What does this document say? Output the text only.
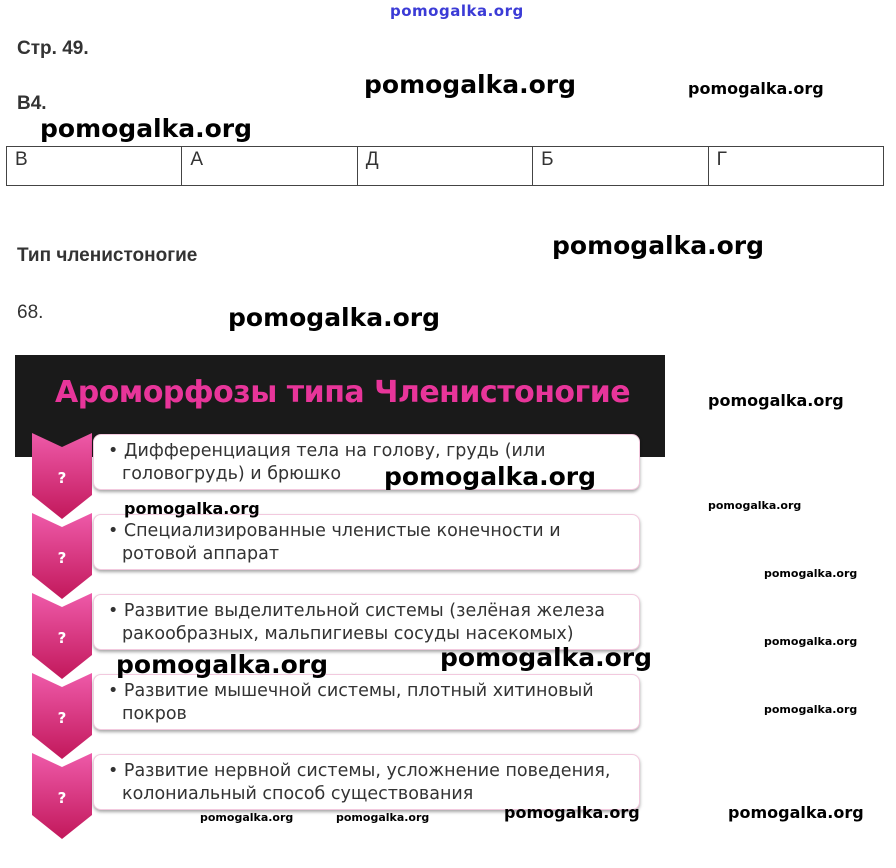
pomogalka.org
Стр. 49.
В4.
В	А	Д	Б	Г
Тип членистоногие
68.
Ароморфозы типа Членистоногие
?
• Дифференциация тела на голову, грудь (или
головогрудь) и брюшко
?
• Специализированные членистые конечности и
ротовой аппарат
?
• Развитие выделительной системы (зелёная железа
ракообразных, мальпигиевы сосуды насекомых)
?
• Развитие мышечной системы, плотный хитиновый
покров
?
• Развитие нервной системы, усложнение поведения,
колониальный способ существования
pomogalka.org	pomogalka.org
pomogalka.org
pomogalka.org
pomogalka.org
pomogalka.org
pomogalka.org
pomogalka.org	pomogalka.org
pomogalka.org
pomogalka.org
pomogalka.org
pomogalka.org
pomogalka.org
pomogalka.org	pomogalka.org
pomogalka.org	pomogalka.org
